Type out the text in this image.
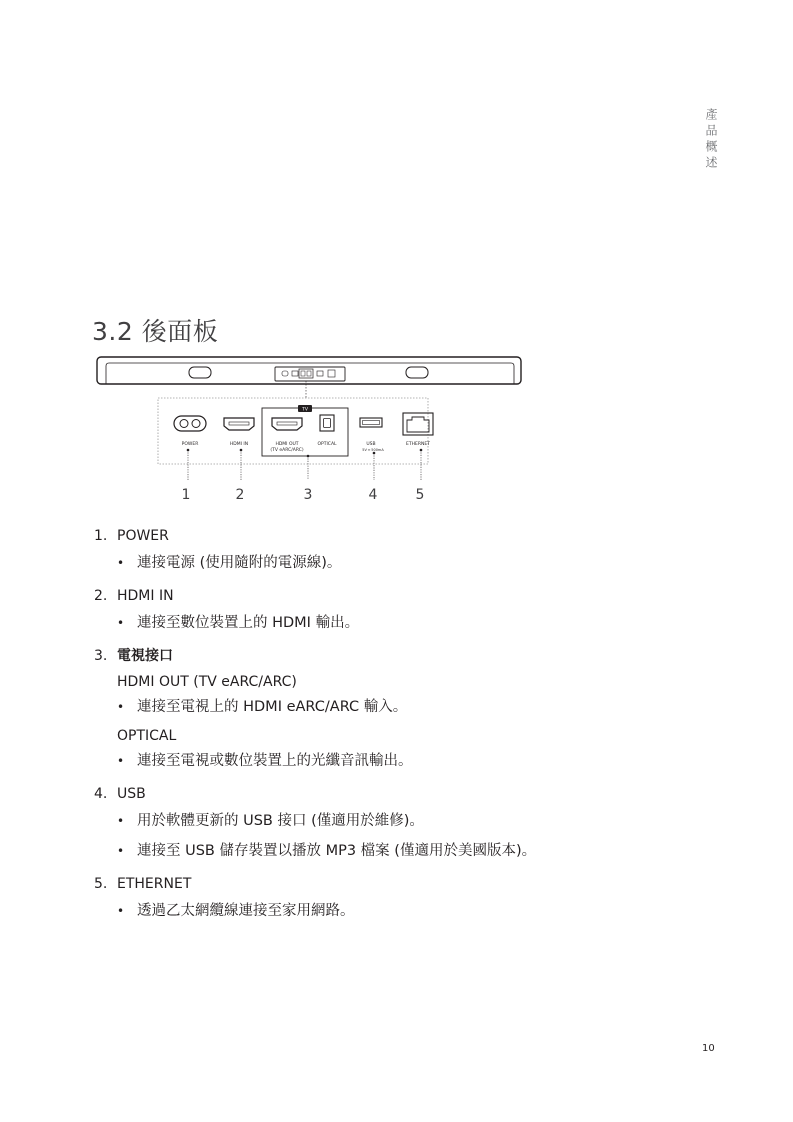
產品概述
3.2 後面板
POWER	HDMI IN
TV
HDMI OUT
(TV eARC/ARC)
OPTICAL	USB
5V ═ 500mA
ETHERNET
1	2	3	4	5
1. POWER
• 連接電源 (使用隨附的電源線)。
2. HDMI IN
• 連接至數位裝置上的 HDMI 輸出。
3. 電視接口
HDMI OUT (TV eARC/ARC)
• 連接至電視上的 HDMI eARC/ARC 輸入。
OPTICAL
• 連接至電視或數位裝置上的光纖音訊輸出。
4. USB
• 用於軟體更新的 USB 接口 (僅適用於維修)。
• 連接至 USB 儲存裝置以播放 MP3 檔案 (僅適用於美國版本)。
5. ETHERNET
• 透過乙太網纜線連接至家用網路。
10
